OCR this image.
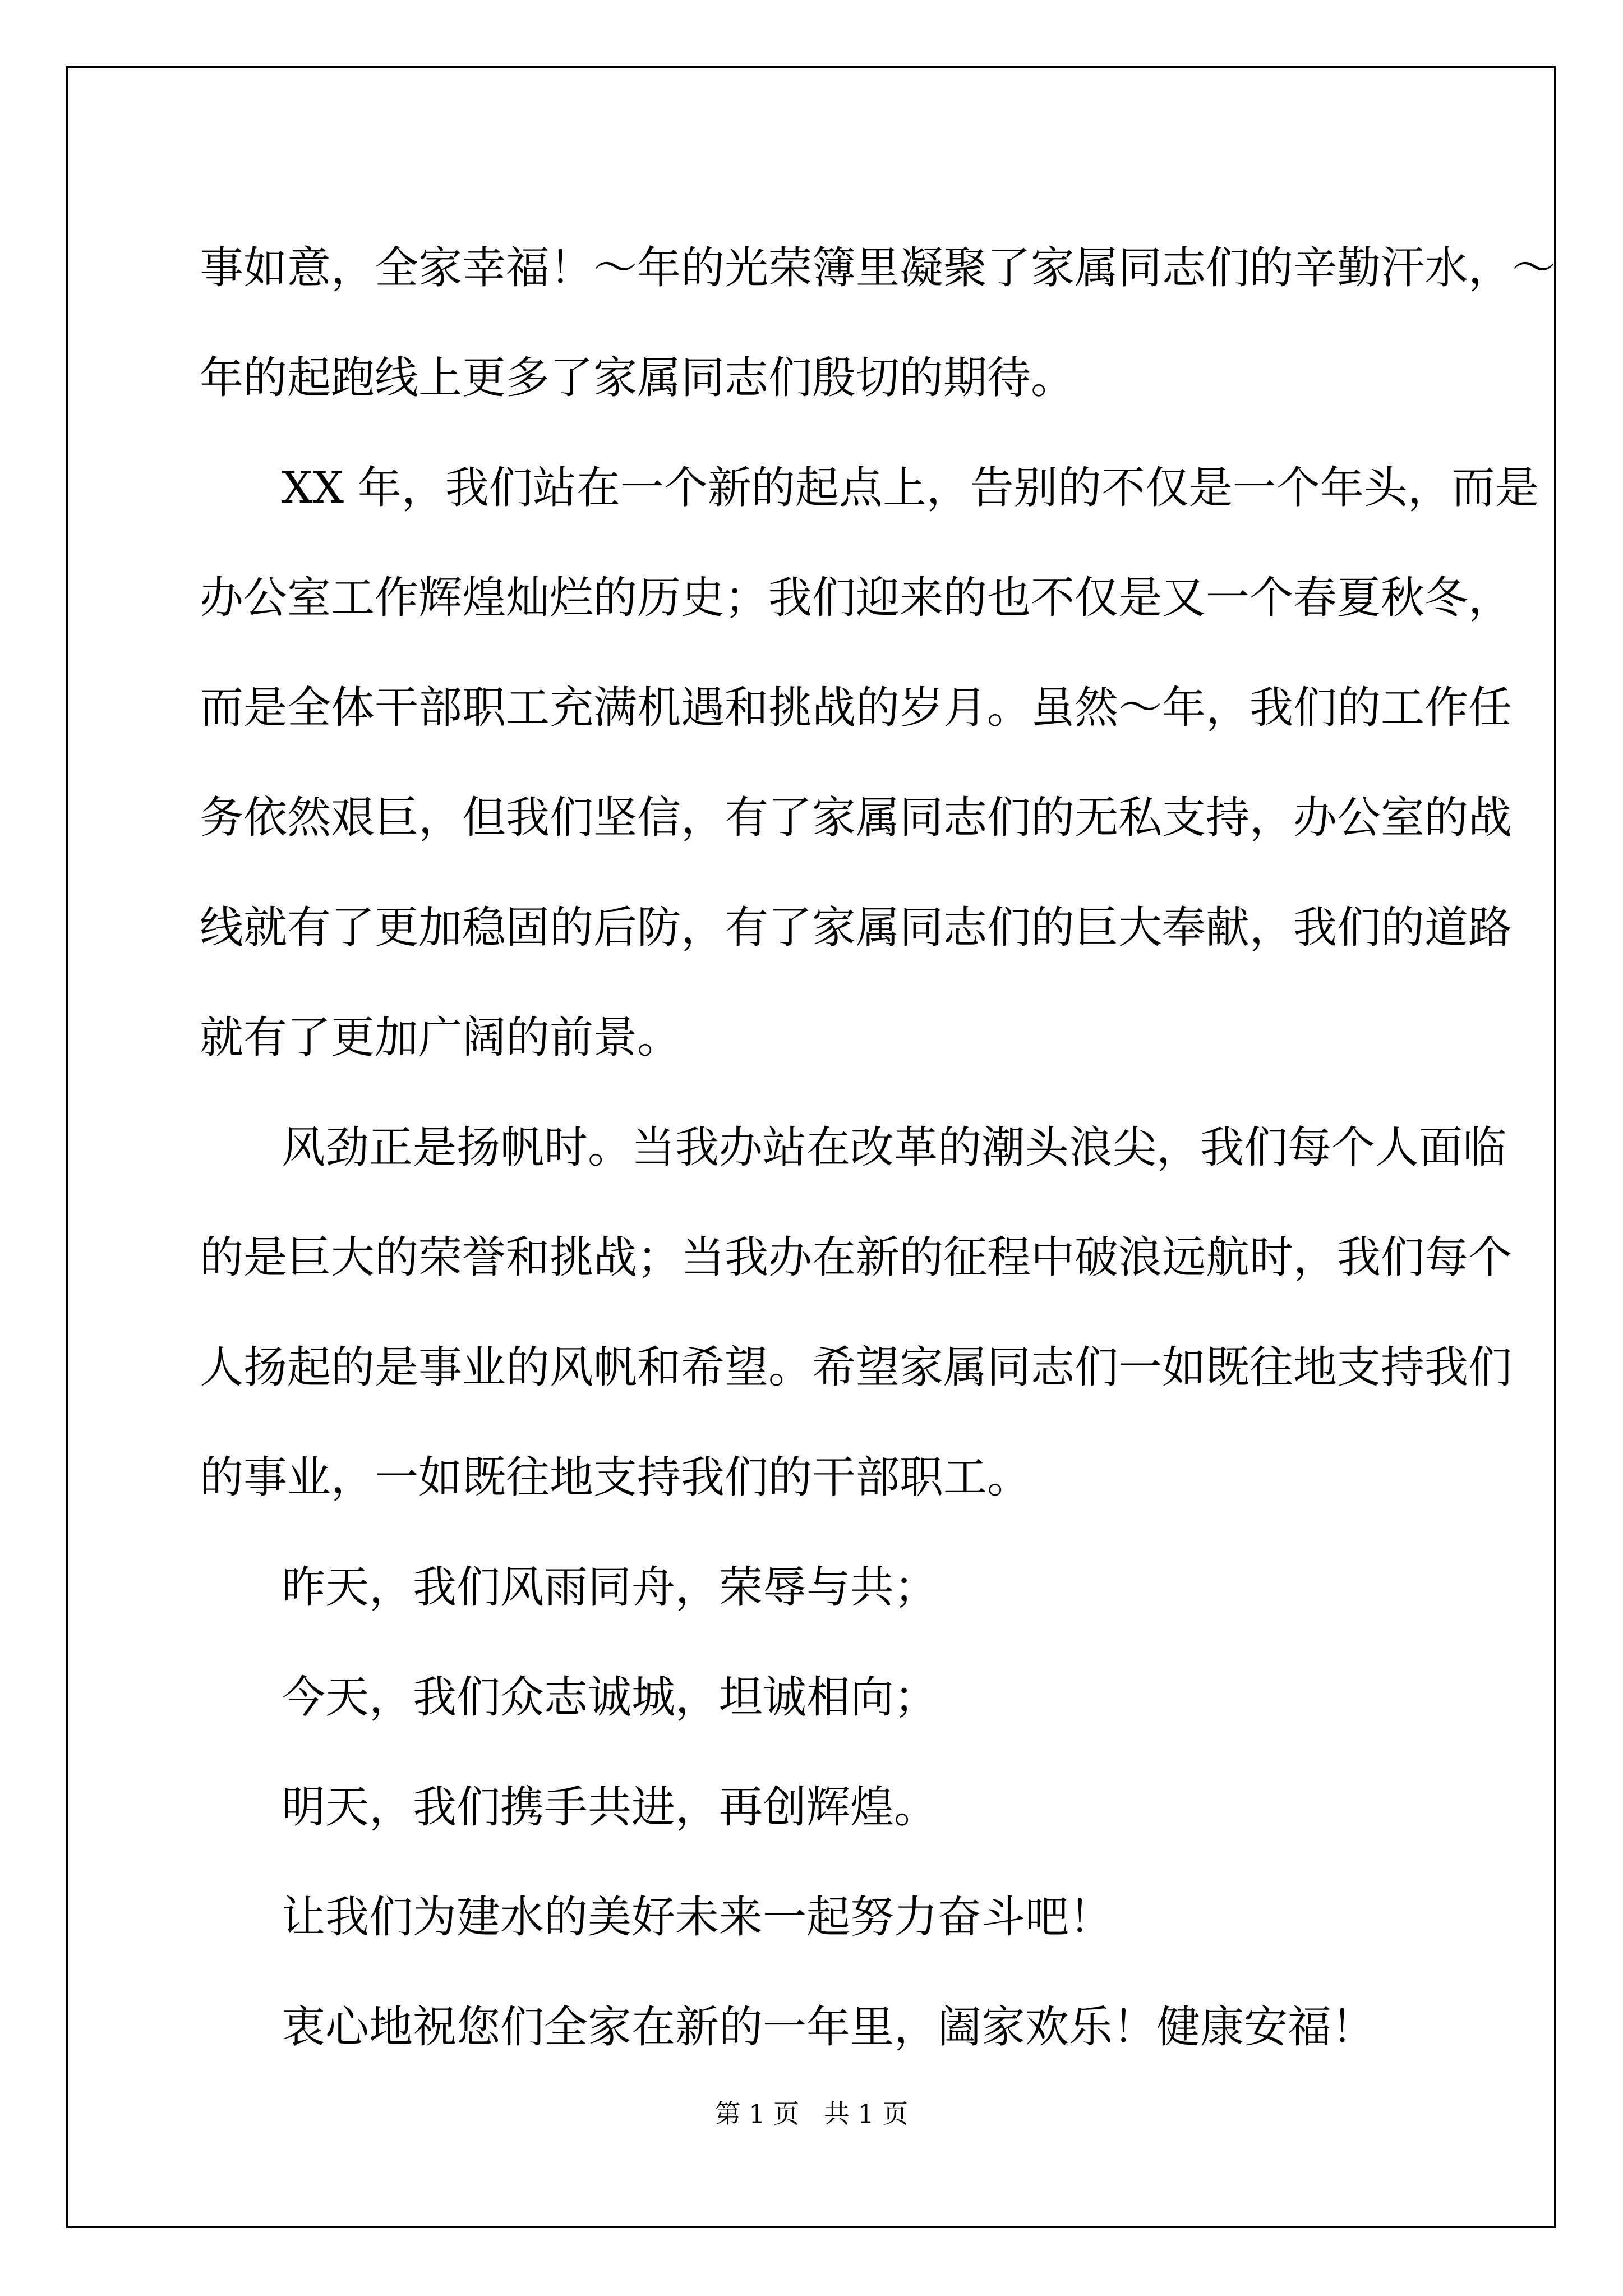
事如意，全家幸福！～年的光荣簿里凝聚了家属同志们的辛勤汗水，～

年的起跑线上更多了家属同志们殷切的期待。

XX 年，我们站在一个新的起点上，告别的不仅是一个年头，而是

办公室工作辉煌灿烂的历史；我们迎来的也不仅是又一个春夏秋冬，

而是全体干部职工充满机遇和挑战的岁月。虽然～年，我们的工作任

务依然艰巨，但我们坚信，有了家属同志们的无私支持，办公室的战

线就有了更加稳固的后防，有了家属同志们的巨大奉献，我们的道路

就有了更加广阔的前景。

风劲正是扬帆时。当我办站在改革的潮头浪尖，我们每个人面临

的是巨大的荣誉和挑战；当我办在新的征程中破浪远航时，我们每个

人扬起的是事业的风帆和希望。希望家属同志们一如既往地支持我们

的事业，一如既往地支持我们的干部职工。

昨天，我们风雨同舟，荣辱与共；

今天，我们众志诚城，坦诚相向；

明天，我们携手共进，再创辉煌。

让我们为建水的美好未来一起努力奋斗吧！

衷心地祝您们全家在新的一年里，阖家欢乐！健康安福！

第 1 页   共 1 页
